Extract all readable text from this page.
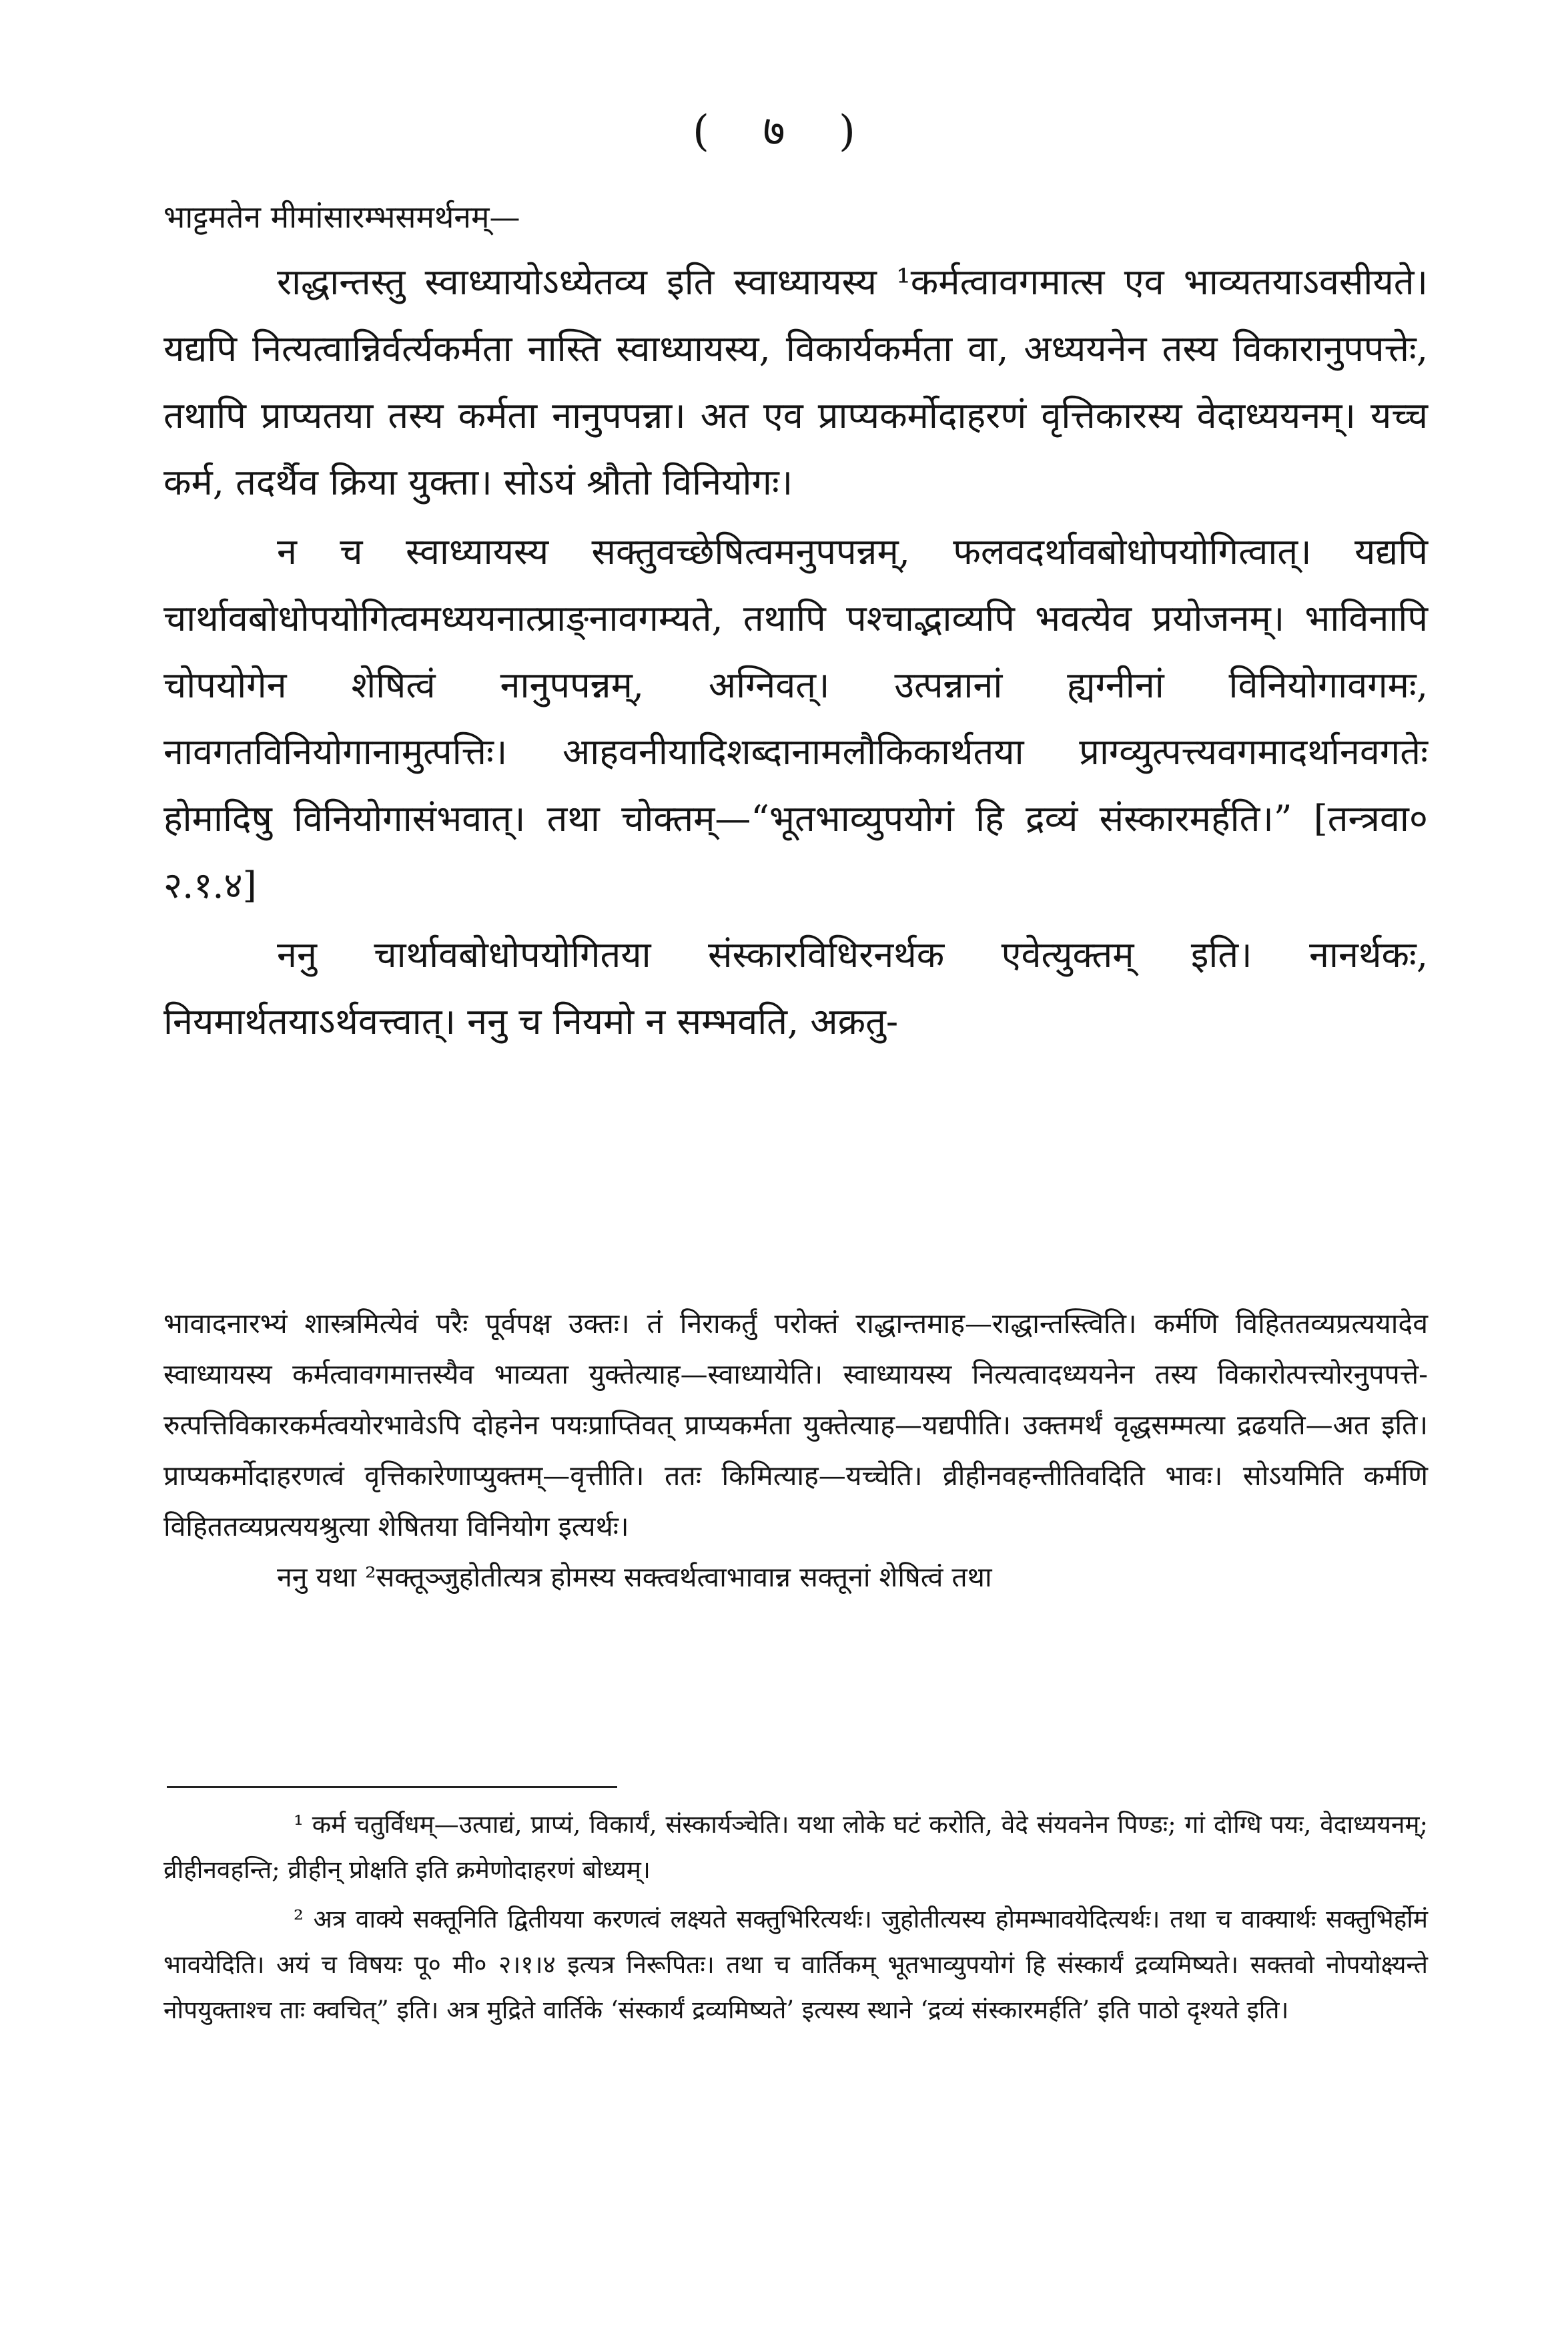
( ७ )

भाट्टमतेन मीमांसारम्भसमर्थनम्—

राद्धान्तस्तु स्वाध्यायोऽध्येतव्य इति स्वाध्यायस्य ¹कर्मत्वावगमात्स एव भाव्यतयाऽवसीयते। यद्यपि नित्यत्वान्निर्वर्त्यकर्मता नास्ति स्वाध्यायस्य, विकार्यकर्मता वा, अध्ययनेन तस्य विकारानुपपत्तेः, तथापि प्राप्यतया तस्य कर्मता नानुपपन्ना। अत एव प्राप्यकर्मोदाहरणं वृत्तिकारस्य वेदाध्ययनम्। यच्च कर्म, तदर्थैव क्रिया युक्ता। सोऽयं श्रौतो विनियोगः।

न च स्वाध्यायस्य सक्तुवच्छेषित्वमनुपपन्नम्, फलवदर्थावबोधोपयोगित्वात्। यद्यपि चार्थावबोधोपयोगित्वमध्ययनात्प्राङ्नावगम्यते, तथापि पश्चाद्भाव्यपि भवत्येव प्रयोजनम्। भाविनापि चोपयोगेन शेषित्वं नानुपपन्नम्, अग्निवत्। उत्पन्नानां ह्यग्नीनां विनियोगावगमः, नावगतविनियोगानामुत्पत्तिः। आहवनीयादिशब्दानामलौकिकार्थतया प्राग्व्युत्पत्त्यवगमादर्थानवगतेः होमादिषु विनियोगासंभवात्। तथा चोक्तम्—“भूतभाव्युपयोगं हि द्रव्यं संस्कारमर्हति।” [तन्त्रवा० २.१.४]

ननु चार्थावबोधोपयोगितया संस्कारविधिरनर्थक एवेत्युक्तम् इति। नानर्थकः, नियमार्थतयाऽर्थवत्त्वात्। ननु च नियमो न सम्भवति, अक्रतु-

भावादनारभ्यं शास्त्रमित्येवं परैः पूर्वपक्ष उक्तः। तं निराकर्तुं परोक्तं राद्धान्तमाह—राद्धान्तस्त्विति। कर्मणि विहिततव्यप्रत्ययादेव स्वाध्यायस्य कर्मत्वावगमात्तस्यैव भाव्यता युक्तेत्याह—स्वाध्यायेति। स्वाध्यायस्य नित्यत्वादध्ययनेन तस्य विकारोत्पत्त्योरनुपपत्ते-रुत्पत्तिविकारकर्मत्वयोरभावेऽपि दोहनेन पयःप्राप्तिवत् प्राप्यकर्मता युक्तेत्याह—यद्यपीति। उक्तमर्थं वृद्धसम्मत्या द्रढयति—अत इति। प्राप्यकर्मोदाहरणत्वं वृत्तिकारेणाप्युक्तम्—वृत्तीति। ततः किमित्याह—यच्चेति। व्रीहीनवहन्तीतिवदिति भावः। सोऽयमिति कर्मणि विहिततव्यप्रत्ययश्रुत्या शेषितया विनियोग इत्यर्थः।

ननु यथा ²सक्तूञ्जुहोतीत्यत्र होमस्य सक्त्वर्थत्वाभावान्न सक्तूनां शेषित्वं तथा

¹ कर्म चतुर्विधम्—उत्पाद्यं, प्राप्यं, विकार्यं, संस्कार्यञ्चेति। यथा लोके घटं करोति, वेदे संयवनेन पिण्डः; गां दोग्धि पयः, वेदाध्ययनम्; व्रीहीनवहन्ति; व्रीहीन् प्रोक्षति इति क्रमेणोदाहरणं बोध्यम्।

² अत्र वाक्ये सक्तूनिति द्वितीयया करणत्वं लक्ष्यते सक्तुभिरित्यर्थः। जुहोतीत्यस्य होमम्भावयेदित्यर्थः। तथा च वाक्यार्थः सक्तुभिर्होमं भावयेदिति। अयं च विषयः पू० मी० २।१।४ इत्यत्र निरूपितः। तथा च वार्तिकम् भूतभाव्युपयोगं हि संस्कार्यं द्रव्यमिष्यते। सक्तवो नोपयोक्ष्यन्ते नोपयुक्ताश्च ताः क्वचित्” इति। अत्र मुद्रिते वार्तिके ‘संस्कार्यं द्रव्यमिष्यते’ इत्यस्य स्थाने ‘द्रव्यं संस्कारमर्हति’ इति पाठो दृश्यते इति।
